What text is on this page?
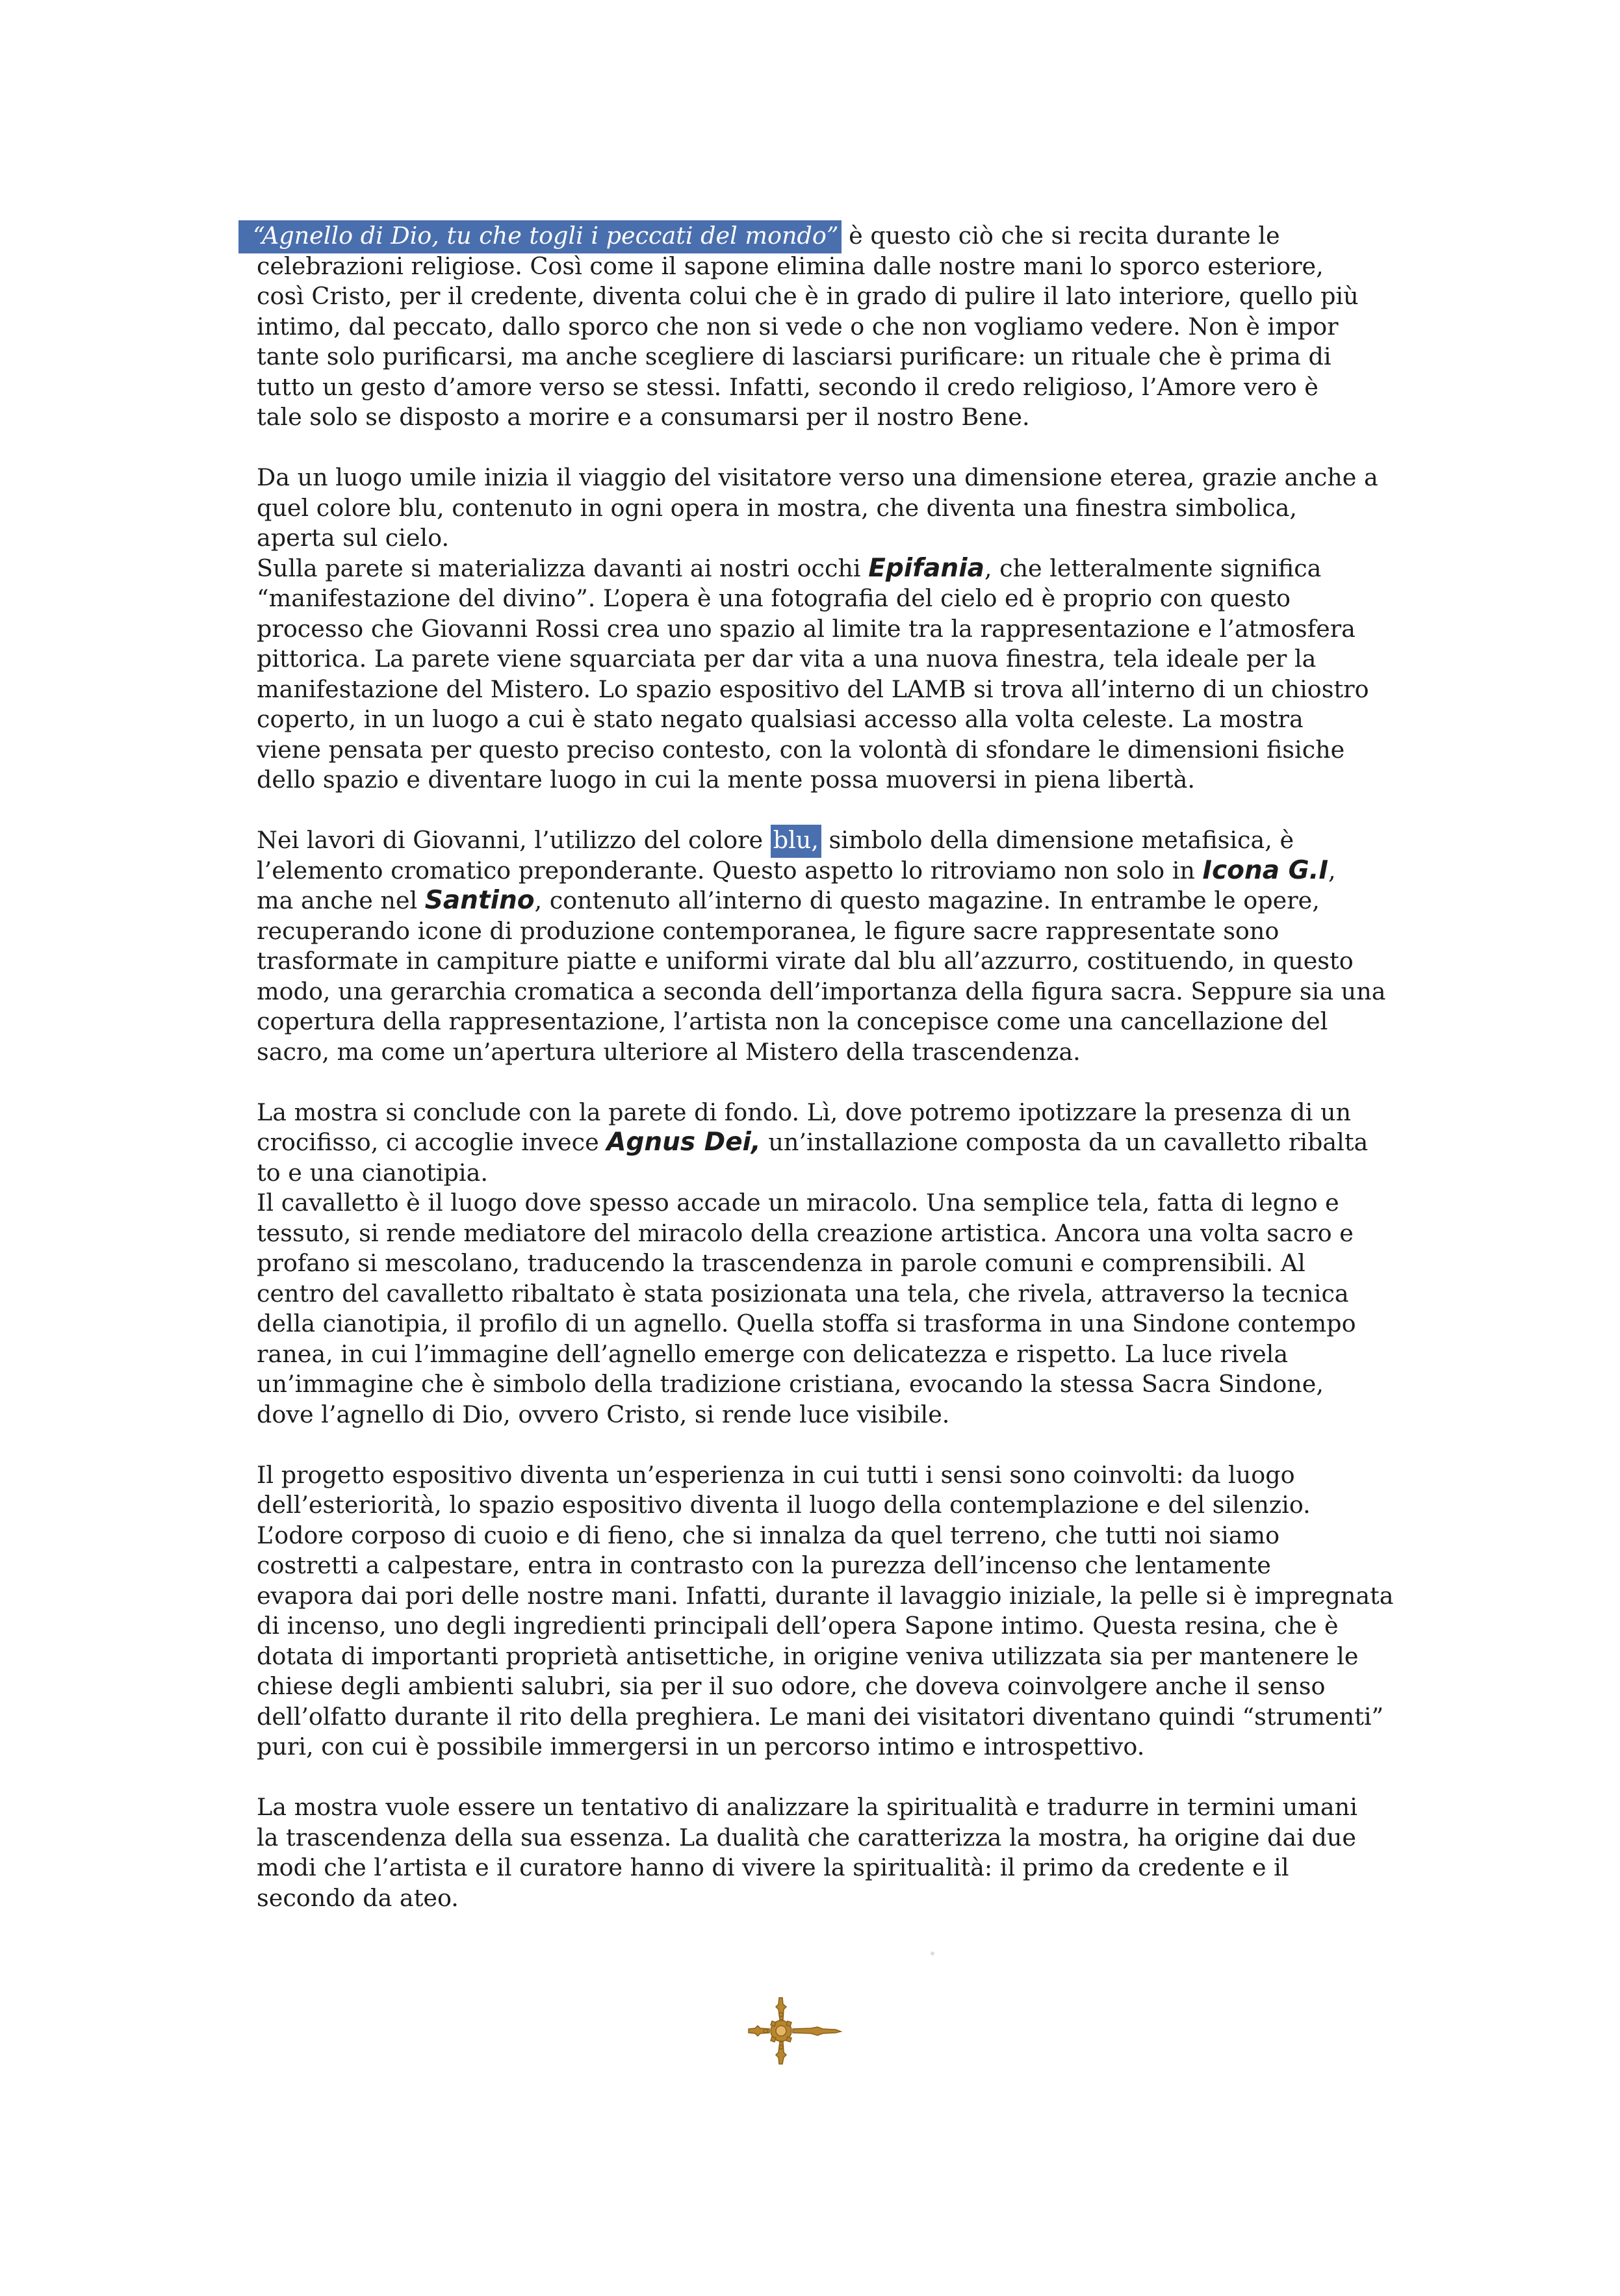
“Agnello di Dio, tu che togli i peccati del mondo” è questo ciò che si recita durante le
celebrazioni religiose. Così come il sapone elimina dalle nostre mani lo sporco esteriore,
così Cristo, per il credente, diventa colui che è in grado di pulire il lato interiore, quello più
intimo, dal peccato, dallo sporco che non si vede o che non vogliamo vedere. Non è impor
tante solo purificarsi, ma anche scegliere di lasciarsi purificare: un rituale che è prima di
tutto un gesto d’amore verso se stessi. Infatti, secondo il credo religioso, l’Amore vero è
tale solo se disposto a morire e a consumarsi per il nostro Bene.

Da un luogo umile inizia il viaggio del visitatore verso una dimensione eterea, grazie anche a
quel colore blu, contenuto in ogni opera in mostra, che diventa una finestra simbolica,
aperta sul cielo.
Sulla parete si materializza davanti ai nostri occhi Epifania, che letteralmente significa
“manifestazione del divino”. L’opera è una fotografia del cielo ed è proprio con questo
processo che Giovanni Rossi crea uno spazio al limite tra la rappresentazione e l’atmosfera
pittorica. La parete viene squarciata per dar vita a una nuova finestra, tela ideale per la
manifestazione del Mistero. Lo spazio espositivo del LAMB si trova all’interno di un chiostro
coperto, in un luogo a cui è stato negato qualsiasi accesso alla volta celeste. La mostra
viene pensata per questo preciso contesto, con la volontà di sfondare le dimensioni fisiche
dello spazio e diventare luogo in cui la mente possa muoversi in piena libertà.

Nei lavori di Giovanni, l’utilizzo del colore blu, simbolo della dimensione metafisica, è
l’elemento cromatico preponderante. Questo aspetto lo ritroviamo non solo in Icona G.I,
ma anche nel Santino, contenuto all’interno di questo magazine. In entrambe le opere,
recuperando icone di produzione contemporanea, le figure sacre rappresentate sono
trasformate in campiture piatte e uniformi virate dal blu all’azzurro, costituendo, in questo
modo, una gerarchia cromatica a seconda dell’importanza della figura sacra. Seppure sia una
copertura della rappresentazione, l’artista non la concepisce come una cancellazione del
sacro, ma come un’apertura ulteriore al Mistero della trascendenza.

La mostra si conclude con la parete di fondo. Lì, dove potremo ipotizzare la presenza di un
crocifisso, ci accoglie invece Agnus Dei, un’installazione composta da un cavalletto ribalta
to e una cianotipia.
Il cavalletto è il luogo dove spesso accade un miracolo. Una semplice tela, fatta di legno e
tessuto, si rende mediatore del miracolo della creazione artistica. Ancora una volta sacro e
profano si mescolano, traducendo la trascendenza in parole comuni e comprensibili. Al
centro del cavalletto ribaltato è stata posizionata una tela, che rivela, attraverso la tecnica
della cianotipia, il profilo di un agnello. Quella stoffa si trasforma in una Sindone contempo
ranea, in cui l’immagine dell’agnello emerge con delicatezza e rispetto. La luce rivela
un’immagine che è simbolo della tradizione cristiana, evocando la stessa Sacra Sindone,
dove l’agnello di Dio, ovvero Cristo, si rende luce visibile.

Il progetto espositivo diventa un’esperienza in cui tutti i sensi sono coinvolti: da luogo
dell’esteriorità, lo spazio espositivo diventa il luogo della contemplazione e del silenzio.
L’odore corposo di cuoio e di fieno, che si innalza da quel terreno, che tutti noi siamo
costretti a calpestare, entra in contrasto con la purezza dell’incenso che lentamente
evapora dai pori delle nostre mani. Infatti, durante il lavaggio iniziale, la pelle si è impregnata
di incenso, uno degli ingredienti principali dell’opera Sapone intimo. Questa resina, che è
dotata di importanti proprietà antisettiche, in origine veniva utilizzata sia per mantenere le
chiese degli ambienti salubri, sia per il suo odore, che doveva coinvolgere anche il senso
dell’olfatto durante il rito della preghiera. Le mani dei visitatori diventano quindi “strumenti”
puri, con cui è possibile immergersi in un percorso intimo e introspettivo.

La mostra vuole essere un tentativo di analizzare la spiritualità e tradurre in termini umani
la trascendenza della sua essenza. La dualità che caratterizza la mostra, ha origine dai due
modi che l’artista e il curatore hanno di vivere la spiritualità: il primo da credente e il
secondo da ateo.
